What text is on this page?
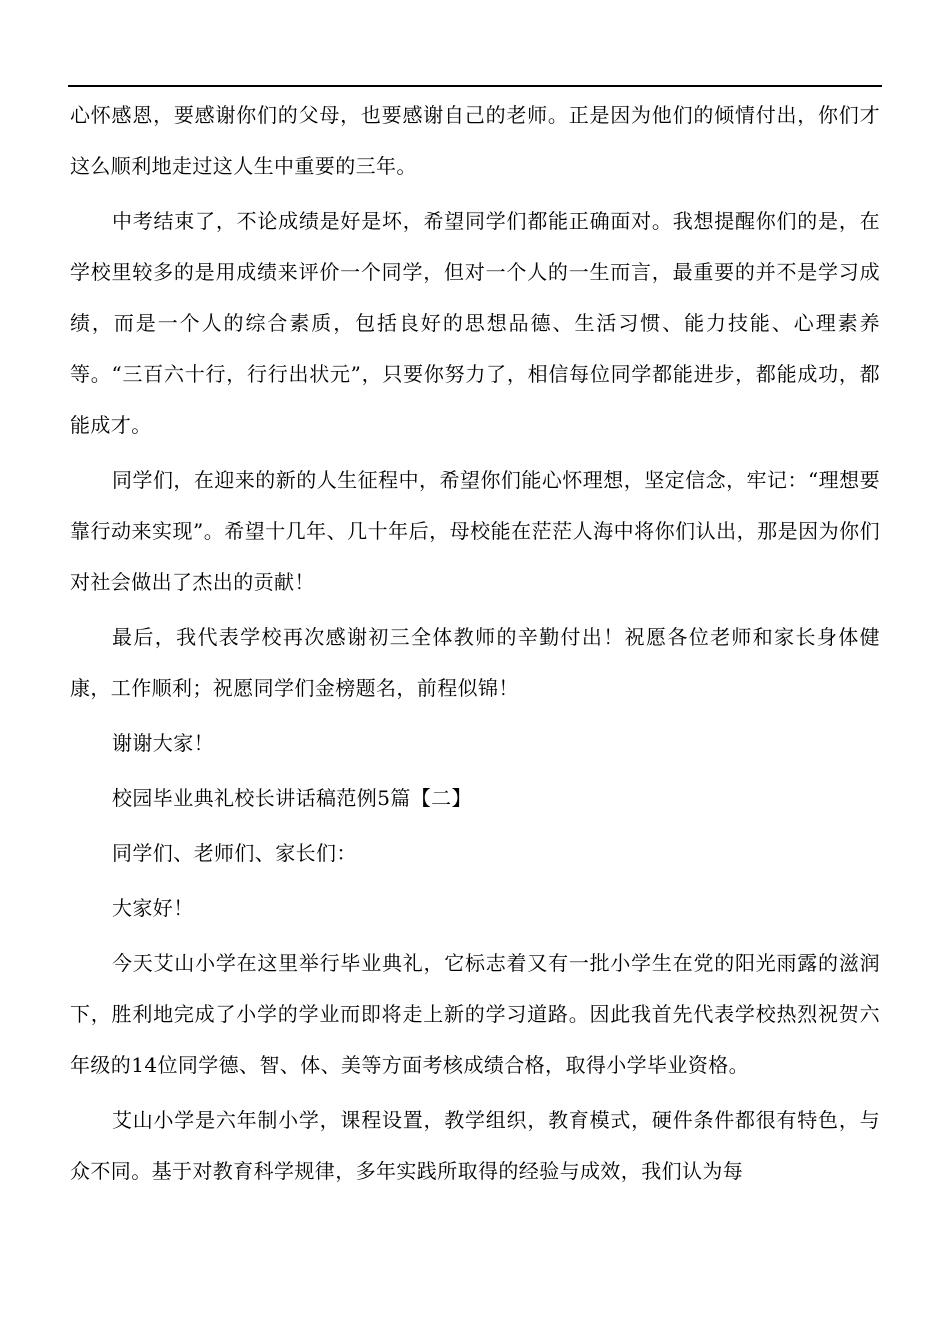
心怀感恩，要感谢你们的父母，也要感谢自己的老师。正是因为他们的倾情付出，你们才这么顺利地走过这人生中重要的三年。

中考结束了，不论成绩是好是坏，希望同学们都能正确面对。我想提醒你们的是，在学校里较多的是用成绩来评价一个同学，但对一个人的一生而言，最重要的并不是学习成绩，而是一个人的综合素质，包括良好的思想品德、生活习惯、能力技能、心理素养等。“三百六十行，行行出状元”，只要你努力了，相信每位同学都能进步，都能成功，都能成才。

同学们，在迎来的新的人生征程中，希望你们能心怀理想，坚定信念，牢记：“理想要靠行动来实现”。希望十几年、几十年后，母校能在茫茫人海中将你们认出，那是因为你们对社会做出了杰出的贡献！

最后，我代表学校再次感谢初三全体教师的辛勤付出！祝愿各位老师和家长身体健康，工作顺利；祝愿同学们金榜题名，前程似锦！

谢谢大家！

校园毕业典礼校长讲话稿范例5篇【二】

同学们、老师们、家长们：

大家好！

今天艾山小学在这里举行毕业典礼，它标志着又有一批小学生在党的阳光雨露的滋润下，胜利地完成了小学的学业而即将走上新的学习道路。因此我首先代表学校热烈祝贺六年级的14位同学德、智、体、美等方面考核成绩合格，取得小学毕业资格。

艾山小学是六年制小学，课程设置，教学组织，教育模式，硬件条件都很有特色，与众不同。基于对教育科学规律，多年实践所取得的经验与成效，我们认为每
